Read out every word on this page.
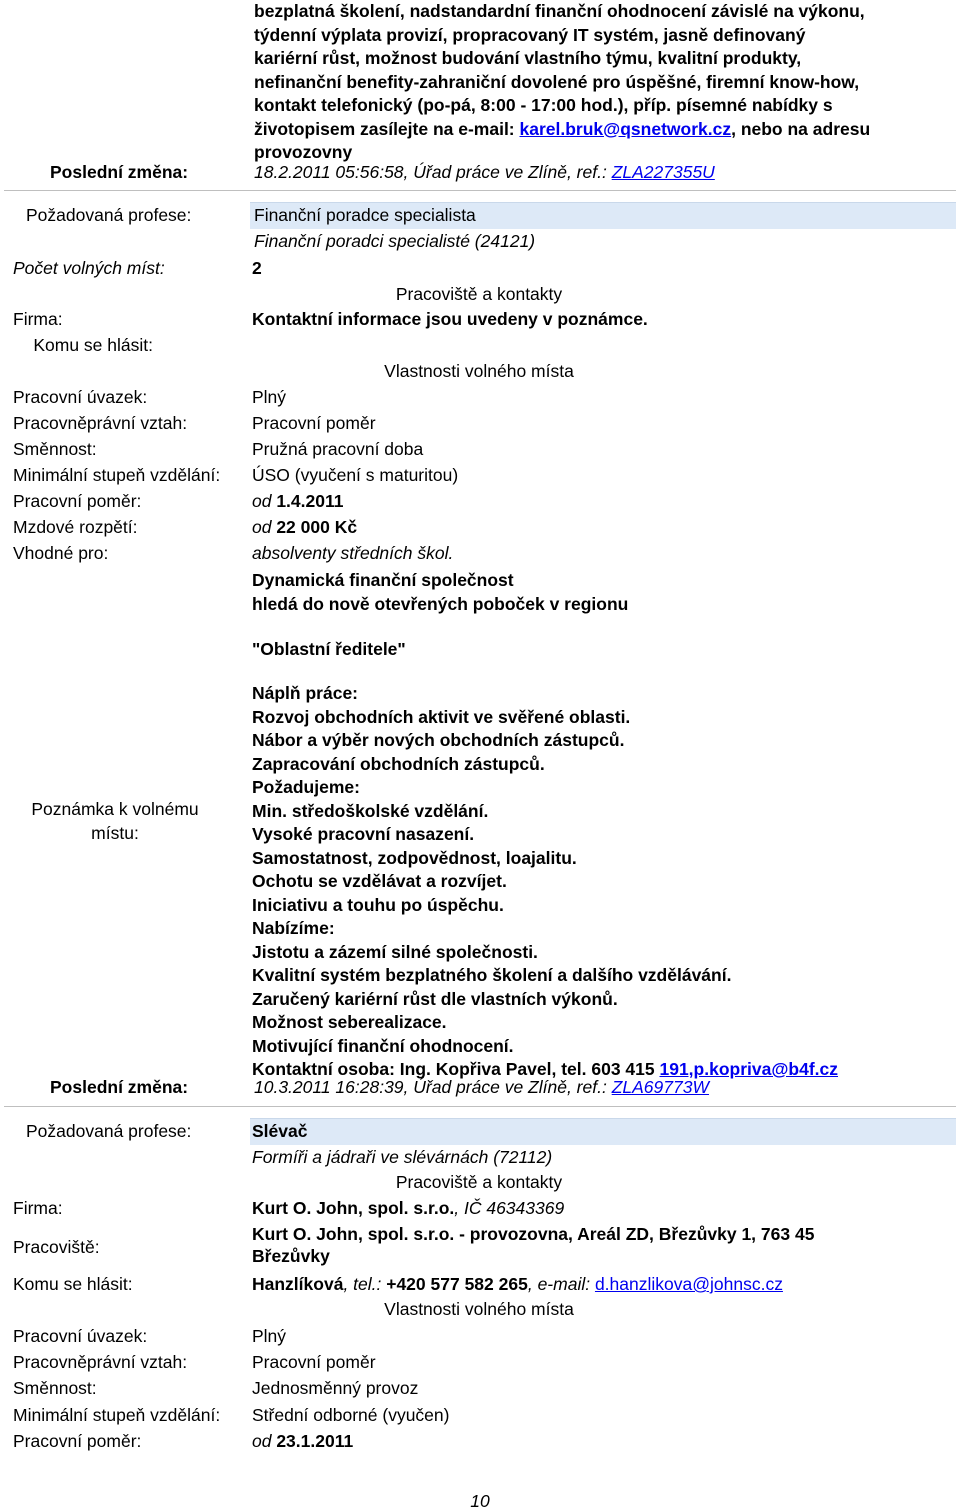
bezplatná školení, nadstandardní finanční ohodnocení závislé na výkonu,
týdenní výplata provizí, propracovaný IT systém, jasně definovaný
kariérní růst, možnost budování vlastního týmu, kvalitní produkty,
nefinanční benefity-zahraniční dovolené pro úspěšné, firemní know-how,
kontakt telefonický (po-pá, 8:00 - 17:00 hod.), příp. písemné nabídky s
životopisem zasílejte na e-mail: karel.bruk@qsnetwork.cz, nebo na adresu
provozovny
Poslední změna:	18.2.2011 05:56:58, Úřad práce ve Zlíně, ref.: ZLA227355U
Požadovaná profese:	Finanční poradce specialista
Finanční poradci specialisté (24121)
Počet volných míst:	2
Pracoviště a kontakty
Firma:	Kontaktní informace jsou uvedeny v poznámce.
Komu se hlásit:
Vlastnosti volného místa
Pracovní úvazek:	Plný
Pracovněprávní vztah:	Pracovní poměr
Směnnost:	Pružná pracovní doba
Minimální stupeň vzdělání: ÚSO (vyučení s maturitou)
Pracovní poměr:	od 1.4.2011
Mzdové rozpětí:	od 22 000 Kč
Vhodné pro:	absolventy středních škol.
Poznámka k volnému
místu:
Dynamická finanční společnost
hledá do nově otevřených poboček v regionu
"Oblastní ředitele"
Náplň práce:
Rozvoj obchodních aktivit ve svěřené oblasti.
Nábor a výběr nových obchodních zástupců.
Zapracování obchodních zástupců.
Požadujeme:
Min. středoškolské vzdělání.
Vysoké pracovní nasazení.
Samostatnost, zodpovědnost, loajalitu.
Ochotu se vzdělávat a rozvíjet.
Iniciativu a touhu po úspěchu.
Nabízíme:
Jistotu a zázemí silné společnosti.
Kvalitní systém bezplatného školení a dalšího vzdělávání.
Zaručený kariérní růst dle vlastních výkonů.
Možnost seberealizace.
Motivující finanční ohodnocení.
Kontaktní osoba: Ing. Kopřiva Pavel, tel. 603 415 191,p.kopriva@b4f.cz
Poslední změna:	10.3.2011 16:28:39, Úřad práce ve Zlíně, ref.: ZLA69773W
Požadovaná profese:	Slévač
Formíři a jádraři ve slévárnách (72112)
Pracoviště a kontakty
Firma:	Kurt O. John, spol. s.r.o., IČ 46343369
Pracoviště:
Kurt O. John, spol. s.r.o. - provozovna, Areál ZD, Březůvky 1, 763 45
Březůvky
Komu se hlásit:	Hanzlíková, tel.: +420 577 582 265, e-mail: d.hanzlikova@johnsc.cz
Vlastnosti volného místa
Pracovní úvazek:	Plný
Pracovněprávní vztah:	Pracovní poměr
Směnnost:	Jednosměnný provoz
Minimální stupeň vzdělání: Střední odborné (vyučen)
Pracovní poměr:	od 23.1.2011
10
